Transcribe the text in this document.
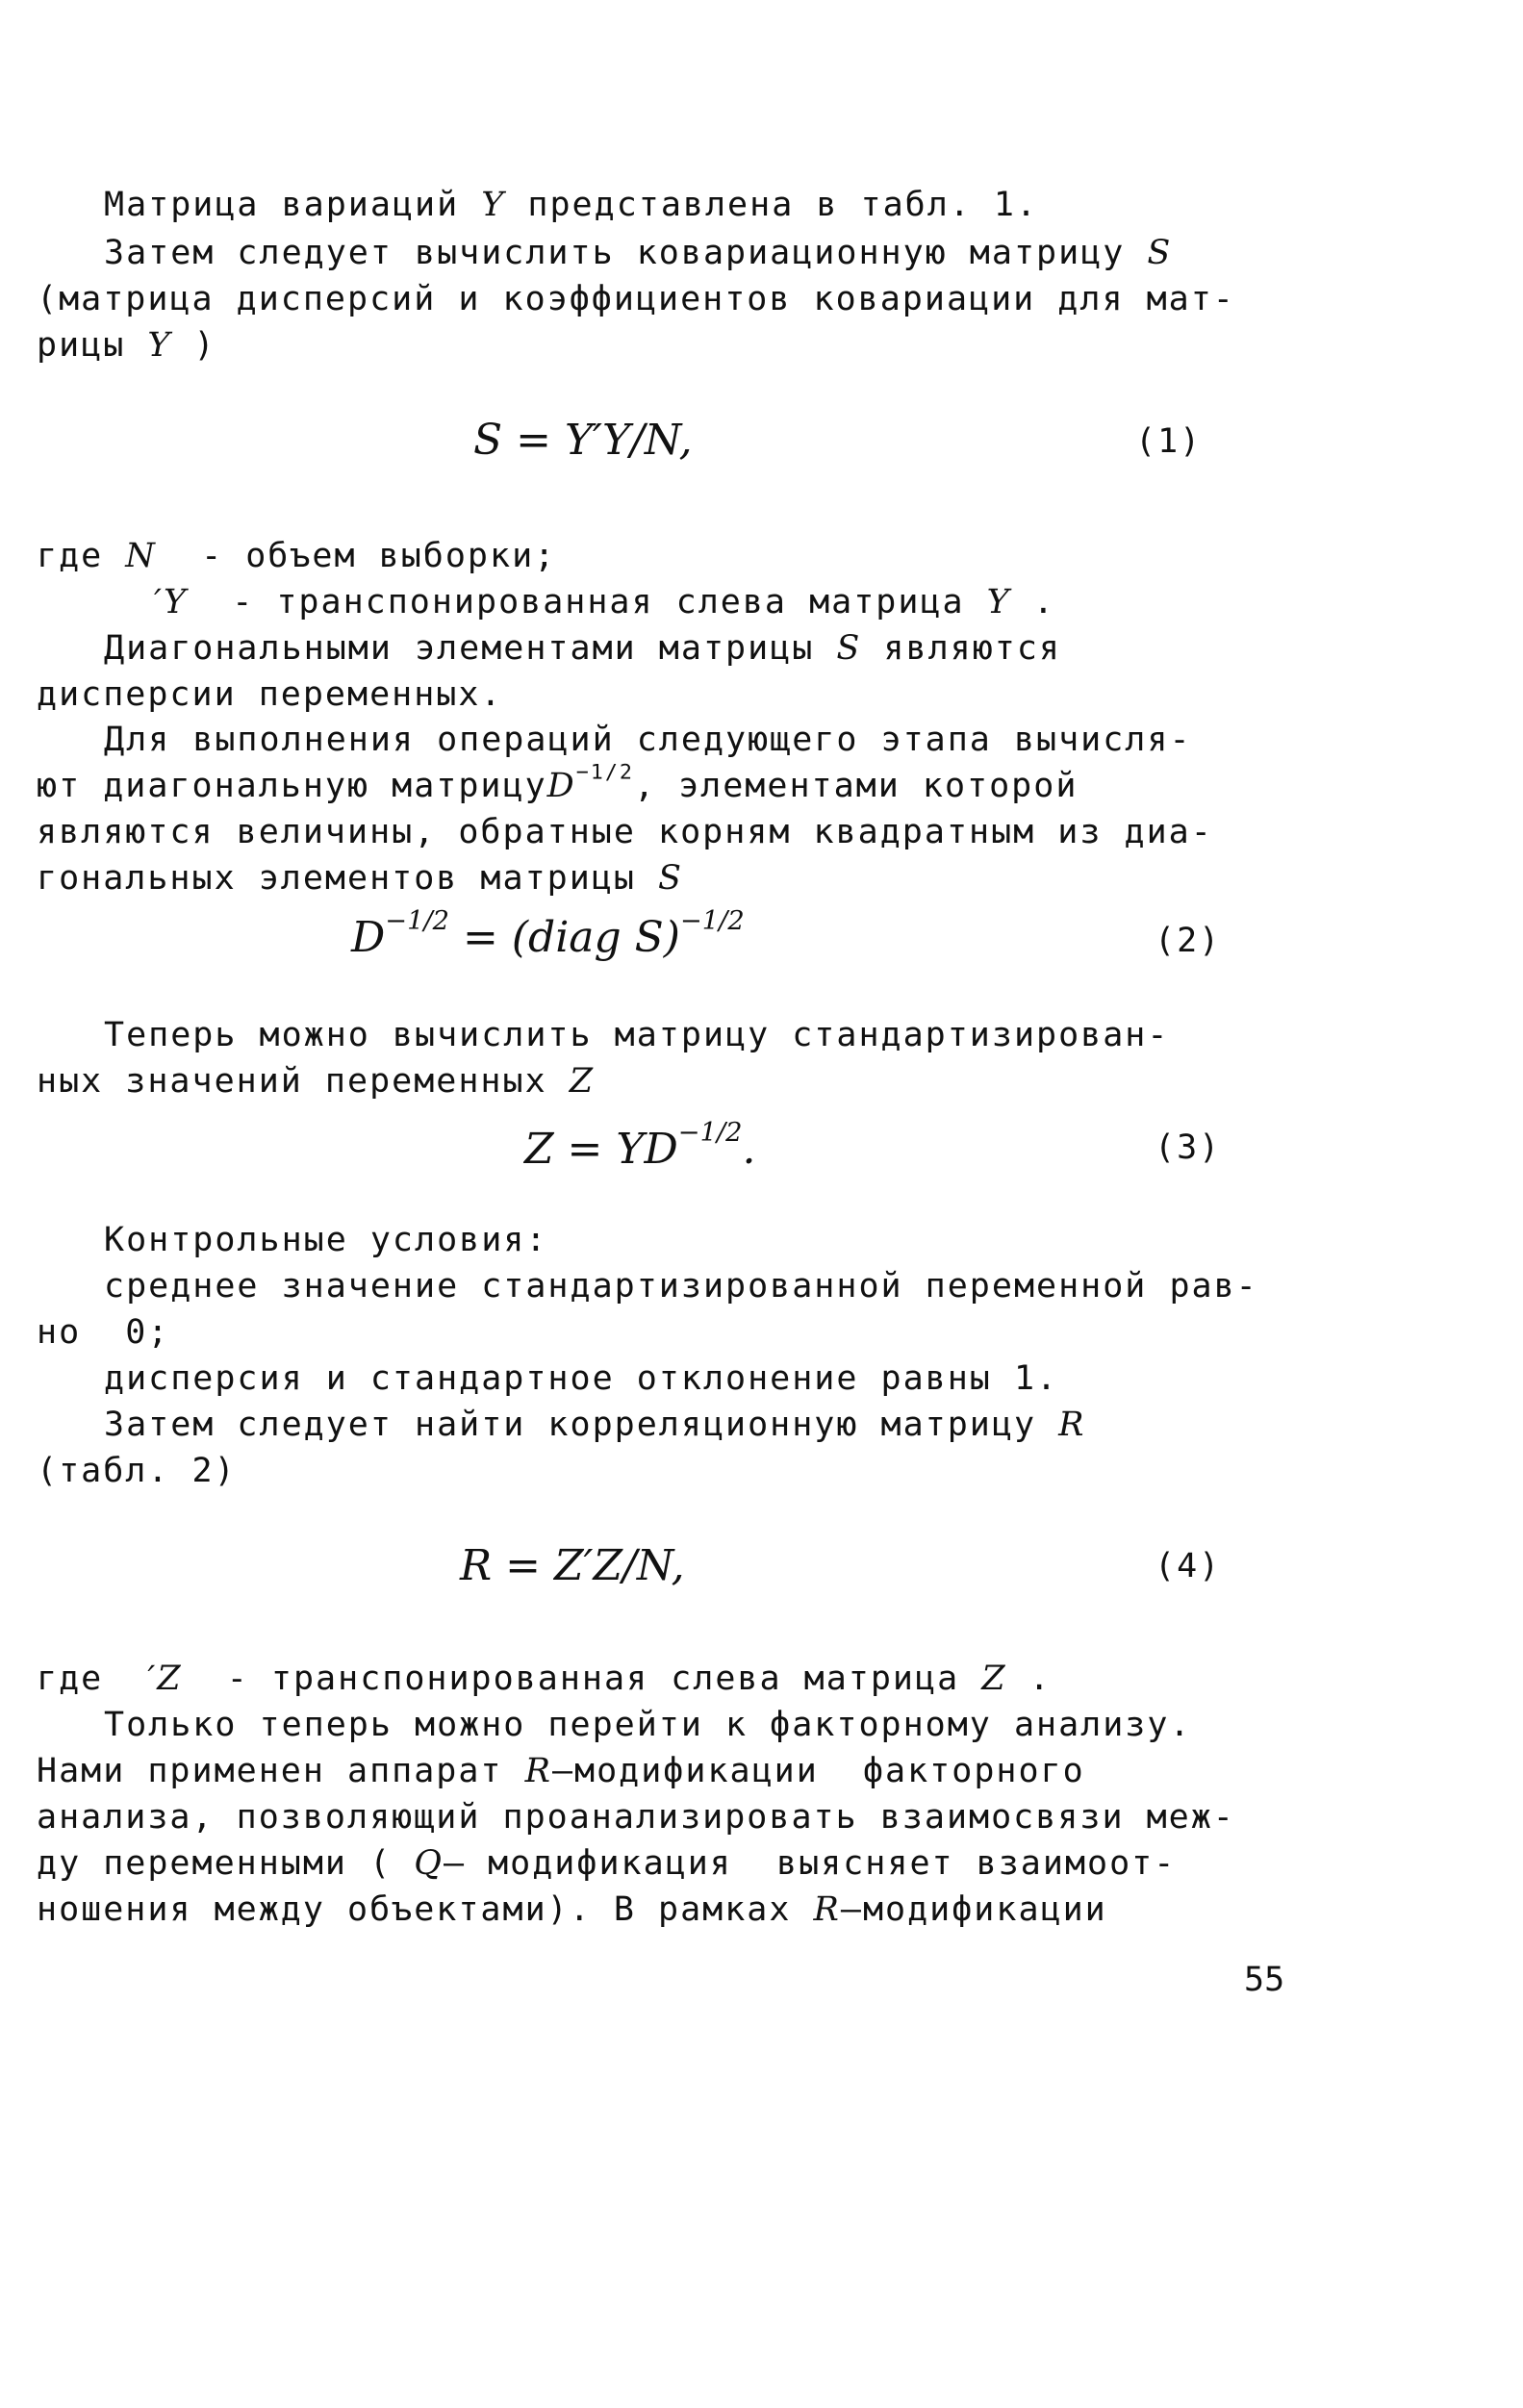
Матрица вариаций Y представлена в табл. 1.
Затем следует вычислить ковариационную матрицу S
(матрица дисперсий и коэффициентов ковариации для мат-
рицы Y )
S = Y′Y/N,	(1)
где N  - объем выборки;
′Y  - транспонированная слева матрица Y .
Диагональными элементами матрицы S являются
дисперсии переменных.
Для выполнения операций следующего этапа вычисля-
ют диагональную матрицуD$^{-1/2}$, элементами которой
являются величины, обратные корням квадратным из диа-
гональных элементов матрицы S
$D^{-1/2}$ = (diag S)$^{-1/2}$
(2)
Теперь можно вычислить матрицу стандартизирован-
ных значений переменных Z
$Z = YD^{-1/2}$.	(3)
Контрольные условия:
среднее значение стандартизированной переменной рав-
но  0;
дисперсия и стандартное отклонение равны 1.
Затем следует найти корреляционную матрицу R
(табл. 2)
R = Z′Z/N,	(4)
где  ′Z  - транспонированная слева матрица Z .
Только теперь можно перейти к факторному анализу.
Нами применен аппарат R–модификации  факторного
анализа, позволяющий проанализировать взаимосвязи меж-
ду переменными ( Q– модификация  выясняет взаимоот-
ношения между объектами). В рамках R–модификации
55
